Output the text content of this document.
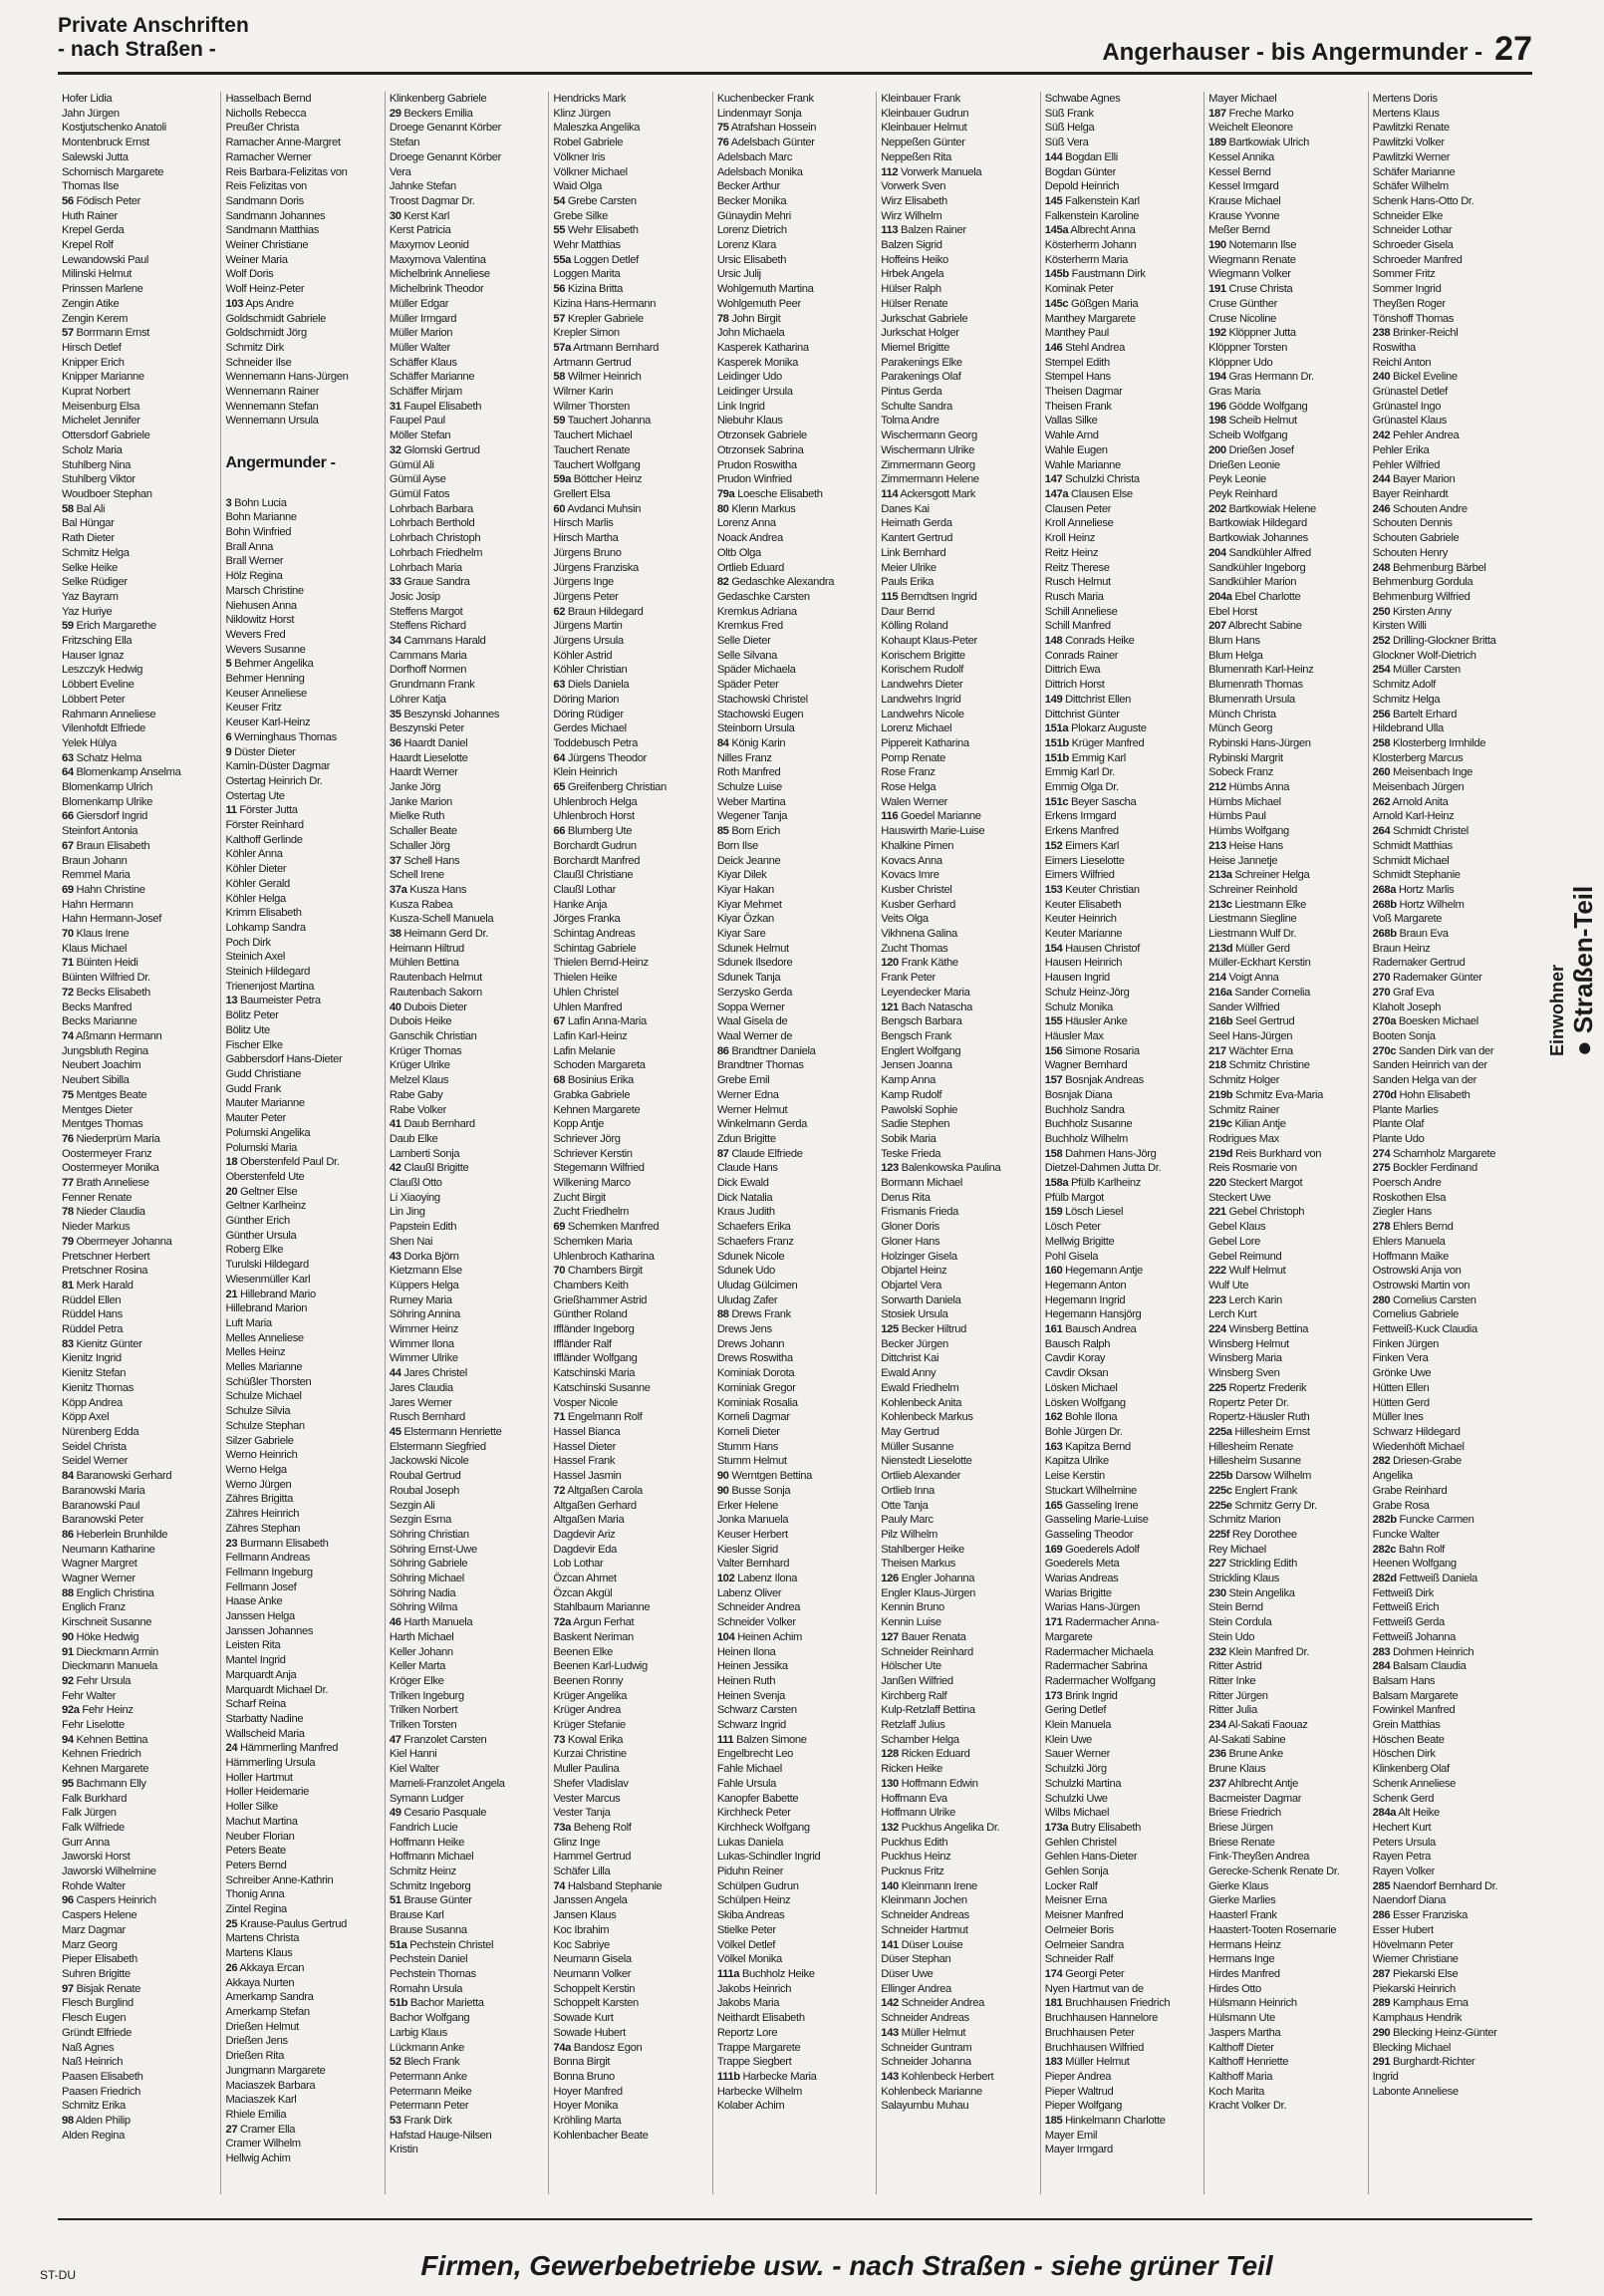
Private Anschriften
- nach Straßen -	Angerhauser - bis Angermunder - 27
Hofer Lidia
Jahn Jürgen
Kostjutschenko Anatoli
Montenbruck Ernst
Salewski Jutta
Schomisch Margarete
Thomas Ilse
56 Födisch Peter
Huth Rainer
Krepel Gerda
Krepel Rolf
Lewandowski Paul
Milinski Helmut
Prinssen Marlene
Zengin Atike
Zengin Kerem
57 Borrmann Ernst
Hirsch Detlef
Knipper Erich
Knipper Marianne
Kuprat Norbert
Meisenburg Elsa
Michelet Jennifer
Ottersdorf Gabriele
Scholz Maria
Stuhlberg Nina
Stuhlberg Viktor
Woudboer Stephan
58 Bal Ali
Bal Hüngar
Rath Dieter
Schmitz Helga
Selke Heike
Selke Rüdiger
Yaz Bayram
Yaz Huriye
59 Erich Margarethe
Fritzsching Ella
Hauser Ignaz
Leszczyk Hedwig
Löbbert Eveline
Löbbert Peter
Rahmann Anneliese
Vilenhofdt Elfriede
Yelek Hülya
63 Schatz Helma
64 Blomenkamp Anselma
Blomenkamp Ulrich
Blomenkamp Ulrike
66 Giersdorf Ingrid
Steinfort Antonia
67 Braun Elisabeth
Braun Johann
Remmel Maria
69 Hahn Christine
Hahn Hermann
Hahn Hermann-Josef
70 Klaus Irene
Klaus Michael
71 Büinten Heidi
Büinten Wilfried Dr.
72 Becks Elisabeth
Becks Manfred
Becks Marianne
74 Aßmann Hermann
Jungsbluth Regina
Neubert Joachim
Neubert Sibilla
75 Mentges Beate
Mentges Dieter
Mentges Thomas
76 Niederprüm Maria
Oostermeyer Franz
Oostermeyer Monika
77 Brath Anneliese
Fenner Renate
78 Nieder Claudia
Nieder Markus
79 Obermeyer Johanna
Pretschner Herbert
Pretschner Rosina
81 Merk Harald
Rüddel Ellen
Rüddel Hans
Rüddel Petra
83 Kienitz Günter
Kienitz Ingrid
Kienitz Stefan
Kienitz Thomas
Köpp Andrea
Köpp Axel
Nürenberg Edda
Seidel Christa
Seidel Werner
84 Baranowski Gerhard
Baranowski Maria
Baranowski Paul
Baranowski Peter
86 Heberlein Brunhilde
Neumann Katharine
Wagner Margret
Wagner Werner
88 Englich Christina
Englich Franz
Kirschneit Susanne
90 Höke Hedwig
91 Dieckmann Armin
Dieckmann Manuela
92 Fehr Ursula
Fehr Walter
92a Fehr Heinz
Fehr Liselotte
94 Kehnen Bettina
Kehnen Friedrich
Kehnen Margarete
95 Bachmann Elly
Falk Burkhard
Falk Jürgen
Falk Wilfriede
Gurr Anna
Jaworski Horst
Jaworski Wilhelmine
Rohde Walter
96 Caspers Heinrich
Caspers Helene
Marz Dagmar
Marz Georg
Pieper Elisabeth
Suhren Brigitte
97 Bisjak Renate
Flesch Burglind
Flesch Eugen
Gründt Elfriede
Naß Agnes
Naß Heinrich
Paasen Elisabeth
Paasen Friedrich
Schmitz Erika
98 Alden Philip
Alden Regina
Hasselbach Bernd
Nicholls Rebecca
Preußer Christa
Ramacher Anne-Margret
Ramacher Werner
Reis Barbara-Felizitas von
Reis Felizitas von
Sandmann Doris
Sandmann Johannes
Sandmann Matthias
Weiner Christiane
Weiner Maria
Wolf Doris
Wolf Heinz-Peter
103 Aps Andre
Goldschmidt Gabriele
Goldschmidt Jörg
Schmitz Dirk
Schneider Ilse
Wennemann Hans-Jürgen
Wennemann Rainer
Wennemann Stefan
Wennemann Ursula

Angermunder -

3 Bohn Lucia
Bohn Marianne
Bohn Winfried
Brall Anna
Brall Werner
Hölz Regina
Marsch Christine
Niehusen Anna
Niklowitz Horst
Wevers Fred
Wevers Susanne
5 Behmer Angelika
Behmer Henning
Keuser Anneliese
Keuser Fritz
Keuser Karl-Heinz
6 Werninghaus Thomas
9 Düster Dieter
Kamin-Düster Dagmar
Ostertag Heinrich Dr.
Ostertag Ute
11 Förster Jutta
Förster Reinhard
Kalthoff Gerlinde
Köhler Anna
Köhler Dieter
Köhler Gerald
Köhler Helga
Krimm Elisabeth
Lohkamp Sandra
Poch Dirk
Steinich Axel
Steinich Hildegard
Trienenjost Martina
13 Baumeister Petra
Bölitz Peter
Bölitz Ute
Fischer Elke
Gabbersdorf Hans-Dieter
Gudd Christiane
Gudd Frank
Mauter Marianne
Mauter Peter
Polumski Angelika
Polumski Maria
18 Oberstenfeld Paul Dr.
Oberstenfeld Ute
20 Geltner Else
Geltner Karlheinz
Günther Erich
Günther Ursula
Roberg Elke
Turulski Hildegard
Wiesenmüller Karl
21 Hillebrand Mario
Hillebrand Marion
Luft Maria
Melles Anneliese
Melles Heinz
Melles Marianne
Schüßler Thorsten
Schulze Michael
Schulze Silvia
Schulze Stephan
Silzer Gabriele
Werno Heinrich
Werno Helga
Werno Jürgen
Zähres Brigitta
Zähres Heinrich
Zähres Stephan
23 Burmann Elisabeth
Fellmann Andreas
Fellmann Ingeburg
Fellmann Josef
Haase Anke
Janssen Helga
Janssen Johannes
Leisten Rita
Mantel Ingrid
Marquardt Anja
Marquardt Michael Dr.
Scharf Reina
Starbatty Nadine
Wallscheid Maria
24 Hämmerling Manfred
Hämmerling Ursula
Holler Hartmut
Holler Heidemarie
Holler Silke
Machut Martina
Neuber Florian
Peters Beate
Peters Bernd
Schreiber Anne-Kathrin
Thonig Anna
Zintel Regina
25 Krause-Paulus Gertrud
Martens Christa
Martens Klaus
26 Akkaya Ercan
Akkaya Nurten
Amerkamp Sandra
Amerkamp Stefan
Drießen Helmut
Drießen Jens
Drießen Rita
Jungmann Margarete
Maciaszek Barbara
Maciaszek Karl
Rhiele Emilia
27 Cramer Ella
Cramer Wilhelm
Hellwig Achim
Klinkenberg Gabriele
29 Beckers Emilia
Droege Genannt Körber
Stefan
Droege Genannt Körber
Vera
Jahnke Stefan
Troost Dagmar Dr.
30 Kerst Karl
Kerst Patricia
Maxymov Leonid
Maxymova Valentina
Michelbrink Anneliese
Michelbrink Theodor
Müller Edgar
Müller Irmgard
Müller Marion
Müller Walter
Schäffer Klaus
Schäffer Marianne
Schäffer Mirjam
31 Faupel Elisabeth
Faupel Paul
Möller Stefan
32 Glomski Gertrud
Gümül Ali
Gümül Ayse
Gümül Fatos
Lohrbach Barbara
Lohrbach Berthold
Lohrbach Christoph
Lohrbach Friedhelm
Lohrbach Maria
33 Graue Sandra
Josic Josip
Steffens Margot
Steffens Richard
34 Cammans Harald
Cammans Maria
Dorfhoff Normen
Grundmann Frank
Löhrer Katja
35 Beszynski Johannes
Beszynski Peter
36 Haardt Daniel
Haardt Lieselotte
Haardt Werner
Janke Jörg
Janke Marion
Mielke Ruth
Schaller Beate
Schaller Jörg
37 Schell Hans
Schell Irene
37a Kusza Hans
Kusza Rabea
Kusza-Schell Manuela
38 Heimann Gerd Dr.
Heimann Hiltrud
Mühlen Bettina
Rautenbach Helmut
Rautenbach Sakorn
40 Dubois Dieter
Dubois Heike
Ganschik Christian
Krüger Thomas
Krüger Ulrike
Melzel Klaus
Rabe Gaby
Rabe Volker
41 Daub Bernhard
Daub Elke
Lamberti Sonja
42 Claußl Brigitte
Claußl Otto
Li Xiaoying
Lin Jing
Papstein Edith
Shen Nai
43 Dorka Björn
Kietzmann Else
Küppers Helga
Rumey Maria
Söhring Annina
Wimmer Heinz
Wimmer Ilona
Wimmer Ulrike
44 Jares Christel
Jares Claudia
Jares Werner
Rusch Bernhard
45 Elstermann Henriette
Elstermann Siegfried
Jackowski Nicole
Roubal Gertrud
Roubal Joseph
Sezgin Ali
Sezgin Esma
Söhring Christian
Söhring Ernst-Uwe
Söhring Gabriele
Söhring Michael
Söhring Nadia
Söhring Wilma
46 Harth Manuela
Harth Michael
Keller Johann
Keller Marta
Kröger Elke
Trilken Ingeburg
Trilken Norbert
Trilken Torsten
47 Franzolet Carsten
Kiel Hanni
Kiel Walter
Mameli-Franzolet Angela
Symann Ludger
49 Cesario Pasquale
Fandrich Lucie
Hoffmann Heike
Hoffmann Michael
Schmitz Heinz
Schmitz Ingeborg
51 Brause Günter
Brause Karl
Brause Susanna
51a Pechstein Christel
Pechstein Daniel
Pechstein Thomas
Romahn Ursula
51b Bachor Marietta
Bachor Wolfgang
Larbig Klaus
Lückmann Anke
52 Blech Frank
Petermann Anke
Petermann Meike
Petermann Peter
53 Frank Dirk
Hafstad Hauge-Nilsen
Kristin
Hendricks Mark
Klinz Jürgen
Maleszka Angelika
Robel Gabriele
Völkner Iris
Völkner Michael
Waid Olga
54 Grebe Carsten
Grebe Silke
55 Wehr Elisabeth
Wehr Matthias
55a Loggen Detlef
Loggen Marita
56 Kizina Britta
Kizina Hans-Hermann
57 Krepler Gabriele
Krepler Simon
57a Artmann Bernhard
Artmann Gertrud
58 Wilmer Heinrich
Wilmer Karin
Wilmer Thorsten
59 Tauchert Johanna
Tauchert Michael
Tauchert Renate
Tauchert Wolfgang
59a Böttcher Heinz
Grellert Elsa
60 Avdanci Muhsin
Hirsch Marlis
Hirsch Martha
Jürgens Bruno
Jürgens Franziska
Jürgens Inge
Jürgens Peter
62 Braun Hildegard
Jürgens Martin
Jürgens Ursula
Köhler Astrid
Köhler Christian
63 Diels Daniela
Döring Marion
Döring Rüdiger
Gerdes Michael
Toddebusch Petra
64 Jürgens Theodor
Klein Heinrich
65 Greifenberg Christian
Uhlenbroch Helga
Uhlenbroch Horst
66 Blumberg Ute
Borchardt Gudrun
Borchardt Manfred
Claußl Christiane
Claußl Lothar
Hanke Anja
Jörges Franka
Schintag Andreas
Schintag Gabriele
Thielen Bernd-Heinz
Thielen Heike
Uhlen Christel
Uhlen Manfred
67 Lafin Anna-Maria
Lafin Karl-Heinz
Lafin Melanie
Schoden Margareta
68 Bosinius Erika
Grabka Gabriele
Kehnen Margarete
Kopp Antje
Schriever Jörg
Schriever Kerstin
Stegemann Wilfried
Wilkening Marco
Zucht Birgit
Zucht Friedhelm
69 Schemken Manfred
Schemken Maria
Uhlenbroch Katharina
70 Chambers Birgit
Chambers Keith
Grießhammer Astrid
Günther Roland
Iffländer Ingeborg
Iffländer Ralf
Iffländer Wolfgang
Katschinski Maria
Katschinski Susanne
Vosper Nicole
71 Engelmann Rolf
Hassel Bianca
Hassel Dieter
Hassel Frank
Hassel Jasmin
72 Altgaßen Carola
Altgaßen Gerhard
Altgaßen Maria
Dagdevir Ariz
Dagdevir Eda
Lob Lothar
Özcan Ahmet
Özcan Akgül
Stahlbaum Marianne
72a Argun Ferhat
Baskent Neriman
Beenen Elke
Beenen Karl-Ludwig
Beenen Ronny
Krüger Angelika
Krüger Andrea
Krüger Stefanie
73 Kowal Erika
Kurzai Christine
Muller Paulina
Shefer Vladislav
Vester Marcus
Vester Tanja
73a Beheng Rolf
Glinz Inge
Hammel Gertrud
Schäfer Lilla
74 Halsband Stephanie
Janssen Angela
Jansen Klaus
Koc Ibrahim
Koc Sabriye
Neumann Gisela
Neumann Volker
Schoppelt Kerstin
Schoppelt Karsten
Sowade Kurt
Sowade Hubert
74a Bandosz Egon
Bonna Birgit
Bonna Bruno
Hoyer Manfred
Hoyer Monika
Kröhling Marta
Kohlenbacher Beate
Kuchenbecker Frank
Lindenmayr Sonja
75 Atrafshan Hossein
76 Adelsbach Günter
Adelsbach Marc
Adelsbach Monika
Becker Arthur
Becker Monika
Günaydin Mehri
Lorenz Dietrich
Lorenz Klara
Ursic Elisabeth
Ursic Julij
Wohlgemuth Martina
Wohlgemuth Peer
78 John Birgit
John Michaela
Kasperek Katharina
Kasperek Monika
Leidinger Udo
Leidinger Ursula
Link Ingrid
Niebuhr Klaus
Otrzonsek Gabriele
Otrzonsek Sabrina
Prudon Roswitha
Prudon Winfried
79a Loesche Elisabeth
80 Klenn Markus
Lorenz Anna
Noack Andrea
Oltb Olga
Ortlieb Eduard
82 Gedaschke Alexandra
Gedaschke Carsten
Kremkus Adriana
Kremkus Fred
Selle Dieter
Selle Silvana
Späder Michaela
Späder Peter
Stachowski Christel
Stachowski Eugen
Steinborn Ursula
84 König Karin
Nilles Franz
Roth Manfred
Schulze Luise
Weber Martina
Wegener Tanja
85 Born Erich
Born Ilse
Deick Jeanne
Kiyar Dilek
Kiyar Hakan
Kiyar Mehmet
Kiyar Özkan
Kiyar Sare
Sdunek Helmut
Sdunek Ilsedore
Sdunek Tanja
Serzysko Gerda
Soppa Werner
Waal Gisela de
Waal Werner de
86 Brandtner Daniela
Brandtner Thomas
Grebe Emil
Werner Edna
Werner Helmut
Winkelmann Gerda
Zdun Brigitte
87 Claude Elfriede
Claude Hans
Dick Ewald
Dick Natalia
Kraus Judith
Schaefers Erika
Schaefers Franz
Sdunek Nicole
Sdunek Udo
Uludag Gülcimen
Uludag Zafer
88 Drews Frank
Drews Jens
Drews Johann
Drews Roswitha
Kominiak Dorota
Kominiak Gregor
Kominiak Rosalia
Korneli Dagmar
Korneli Dieter
Stumm Hans
Stumm Helmut
90 Werntgen Bettina
90 Busse Sonja
Erker Helene
Jonka Manuela
Keuser Herbert
Kiesler Sigrid
Valter Bernhard
102 Labenz Ilona
Labenz Oliver
Schneider Andrea
Schneider Volker
104 Heinen Achim
Heinen Ilona
Heinen Jessika
Heinen Ruth
Heinen Svenja
Schwarz Carsten
Schwarz Ingrid
111 Balzen Simone
Engelbrecht Leo
Fahle Michael
Fahle Ursula
Kanopfer Babette
Kirchheck Peter
Kirchheck Wolfgang
Lukas Daniela
Lukas-Schindler Ingrid
Piduhn Reiner
Schülpen Gudrun
Schülpen Heinz
Skiba Andreas
Stielke Peter
Völkel Detlef
Völkel Monika
111a Buchholz Heike
Jakobs Heinrich
Jakobs Maria
Neithardt Elisabeth
Reportz Lore
Trappe Margarete
Trappe Siegbert
111b Harbecke Maria
Harbecke Wilhelm
Kolaber Achim
Kleinbauer Frank
Kleinbauer Gudrun
Kleinbauer Helmut
Neppeßen Günter
Neppeßen Rita
112 Vorwerk Manuela
Vorwerk Sven
Wirz Elisabeth
Wirz Wilhelm
113 Balzen Rainer
Balzen Sigrid
Hoffeins Heiko
Hrbek Angela
Hülser Ralph
Hülser Renate
Jurkschat Gabriele
Jurkschat Holger
Miemel Brigitte
Parakenings Elke
Parakenings Olaf
Pintus Gerda
Schulte Sandra
Tolma Andre
Wischermann Georg
Wischermann Ulrike
Zimmermann Georg
Zimmermann Helene
114 Ackersgott Mark
Danes Kai
Heimath Gerda
Kantert Gertrud
Link Bernhard
Meier Ulrike
Pauls Erika
115 Berndtsen Ingrid
Daur Bernd
Kölling Roland
Kohaupt Klaus-Peter
Korischem Brigitte
Korischem Rudolf
Landwehrs Dieter
Landwehrs Ingrid
Landwehrs Nicole
Lorenz Michael
Pippereit Katharina
Pomp Renate
Rose Franz
Rose Helga
Walen Werner
116 Goedel Marianne
Hauswirth Marie-Luise
Khalkine Pimen
Kovacs Anna
Kovacs Imre
Kusber Christel
Kusber Gerhard
Veits Olga
Vikhnena Galina
Zucht Thomas
120 Frank Käthe
Frank Peter
Leyendecker Maria
121 Bach Natascha
Bengsch Barbara
Bengsch Frank
Englert Wolfgang
Jensen Joanna
Kamp Anna
Kamp Rudolf
Pawolski Sophie
Sadie Stephen
Sobik Maria
Teske Frieda
123 Balenkowska Paulina
Bormann Michael
Derus Rita
Frismanis Frieda
Gloner Doris
Gloner Hans
Holzinger Gisela
Objartel Heinz
Objartel Vera
Sorwarth Daniela
Stosiek Ursula
125 Becker Hiltrud
Becker Jürgen
Dittchrist Kai
Ewald Anny
Ewald Friedhelm
Kohlenbeck Anita
Kohlenbeck Markus
May Gertrud
Müller Susanne
Nienstedt Lieselotte
Ortlieb Alexander
Ortlieb Inna
Otte Tanja
Pauly Marc
Pilz Wilhelm
Stahlberger Heike
Theisen Markus
126 Engler Johanna
Engler Klaus-Jürgen
Kennin Bruno
Kennin Luise
127 Bauer Renata
Schneider Reinhard
Hölscher Ute
Janßen Wilfried
Kirchberg Ralf
Kulp-Retzlaff Bettina
Retzlaff Julius
Schamber Helga
128 Ricken Eduard
Ricken Heike
130 Hoffmann Edwin
Hoffmann Eva
Hoffmann Ulrike
132 Puckhus Angelika Dr.
Puckhus Edith
Puckhus Heinz
Pucknus Fritz
140 Kleinmann Irene
Kleinmann Jochen
Schneider Andreas
Schneider Hartmut
141 Düser Louise
Düser Stephan
Düser Uwe
Ellinger Andrea
142 Schneider Andrea
Schneider Andreas
143 Müller Helmut
Schneider Guntram
Schneider Johanna
143 Kohlenbeck Herbert
Kohlenbeck Marianne
Salayumbu Muhau
Schwabe Agnes
Süß Frank
Süß Helga
Süß Vera
144 Bogdan Elli
Bogdan Günter
Depold Heinrich
145 Falkenstein Karl
Falkenstein Karoline
145a Albrecht Anna
Kösterherm Johann
Kösterherm Maria
145b Faustmann Dirk
Kominak Peter
145c Gößgen Maria
Manthey Margarete
Manthey Paul
146 Stehl Andrea
Stempel Edith
Stempel Hans
Theisen Dagmar
Theisen Frank
Vallas Silke
Wahle Arnd
Wahle Eugen
Wahle Marianne
147 Schulzki Christa
147a Clausen Else
Clausen Peter
Kroll Anneliese
Kroll Heinz
Reitz Heinz
Reitz Therese
Rusch Helmut
Rusch Maria
Schill Anneliese
Schill Manfred
148 Conrads Heike
Conrads Rainer
Dittrich Ewa
Dittrich Horst
149 Dittchrist Ellen
Dittchrist Günter
151a Plokarz Auguste
151b Krüger Manfred
151b Emmig Karl
Emmig Karl Dr.
Emmig Olga Dr.
151c Beyer Sascha
Erkens Irmgard
Erkens Manfred
152 Eimers Karl
Eimers Lieselotte
Eimers Wilfried
153 Keuter Christian
Keuter Elisabeth
Keuter Heinrich
Keuter Marianne
154 Hausen Christof
Hausen Heinrich
Hausen Ingrid
Schulz Heinz-Jörg
Schulz Monika
155 Häusler Anke
Häusler Max
156 Simone Rosaria
Wagner Bernhard
157 Bosnjak Andreas
Bosnjak Diana
Buchholz Sandra
Buchholz Susanne
Buchholz Wilhelm
158 Dahmen Hans-Jörg
Dietzel-Dahmen Jutta Dr.
158a Pfülb Karlheinz
Pfülb Margot
159 Lösch Liesel
Lösch Peter
Mellwig Brigitte
Pohl Gisela
160 Hegemann Antje
Hegemann Anton
Hegemann Ingrid
Hegemann Hansjörg
161 Bausch Andrea
Bausch Ralph
Cavdir Koray
Cavdir Oksan
Lösken Michael
Lösken Wolfgang
162 Bohle Ilona
Bohle Jürgen Dr.
163 Kapitza Bernd
Kapitza Ulrike
Leise Kerstin
Stuckart Wilhelmine
165 Gasseling Irene
Gasseling Marie-Luise
Gasseling Theodor
169 Goederels Adolf
Goederels Meta
Warias Andreas
Warias Brigitte
Warias Hans-Jürgen
171 Radermacher Anna-
Margarete
Radermacher Michaela
Radermacher Sabrina
Radermacher Wolfgang
173 Brink Ingrid
Gering Detlef
Klein Manuela
Klein Uwe
Sauer Werner
Schulzki Jörg
Schulzki Martina
Schulzki Uwe
Wilbs Michael
173a Butry Elisabeth
Gehlen Christel
Gehlen Hans-Dieter
Gehlen Sonja
Locker Ralf
Meisner Erna
Meisner Manfred
Oelmeier Boris
Oelmeier Sandra
Schneider Ralf
174 Georgi Peter
Nyen Hartmut van de
181 Bruchhausen Friedrich
Bruchhausen Hannelore
Bruchhausen Peter
Bruchhausen Wilfried
183 Müller Helmut
Pieper Andrea
Pieper Waltrud
Pieper Wolfgang
185 Hinkelmann Charlotte
Mayer Emil
Mayer Irmgard
Mayer Michael
187 Freche Marko
Weichelt Eleonore
189 Bartkowiak Ulrich
Kessel Annika
Kessel Bernd
Kessel Irmgard
Krause Michael
Krause Yvonne
Meßer Bernd
190 Notemann Ilse
Wiegmann Renate
Wiegmann Volker
191 Cruse Christa
Cruse Günther
Cruse Nicoline
192 Klöppner Jutta
Klöppner Torsten
Klöppner Udo
194 Gras Hermann Dr.
Gras Maria
196 Gödde Wolfgang
198 Scheib Helmut
Scheib Wolfgang
200 Drießen Josef
Drießen Leonie
Peyk Leonie
Peyk Reinhard
202 Bartkowiak Helene
Bartkowiak Hildegard
Bartkowiak Johannes
204 Sandkühler Alfred
Sandkühler Ingeborg
Sandkühler Marion
204a Ebel Charlotte
Ebel Horst
207 Albrecht Sabine
Blum Hans
Blum Helga
Blumenrath Karl-Heinz
Blumenrath Thomas
Blumenrath Ursula
Münch Christa
Münch Georg
Rybinski Hans-Jürgen
Rybinski Margrit
Sobeck Franz
212 Hümbs Anna
Hümbs Michael
Hümbs Paul
Hümbs Wolfgang
213 Heise Hans
Heise Jannetje
213a Schreiner Helga
Schreiner Reinhold
213c Liestmann Elke
Liestmann Siegline
Liestmann Wulf Dr.
213d Müller Gerd
Müller-Eckhart Kerstin
214 Voigt Anna
216a Sander Cornelia
Sander Wilfried
216b Seel Gertrud
Seel Hans-Jürgen
217 Wächter Erna
218 Schmitz Christine
Schmitz Holger
219b Schmitz Eva-Maria
Schmitz Rainer
219c Kilian Antje
Rodrigues Max
219d Reis Burkhard von
Reis Rosmarie von
220 Steckert Margot
Steckert Uwe
221 Gebel Christoph
Gebel Klaus
Gebel Lore
Gebel Reimund
222 Wulf Helmut
Wulf Ute
223 Lerch Karin
Lerch Kurt
224 Winsberg Bettina
Winsberg Helmut
Winsberg Maria
Winsberg Sven
225 Ropertz Frederik
Ropertz Peter Dr.
Ropertz-Häusler Ruth
225a Hillesheim Ernst
Hillesheim Renate
Hillesheim Susanne
225b Darsow Wilhelm
225c Englert Frank
225e Schmitz Gerry Dr.
Schmitz Marion
225f Rey Dorothee
Rey Michael
227 Strickling Edith
Strickling Klaus
230 Stein Angelika
Stein Bernd
Stein Cordula
Stein Udo
232 Klein Manfred Dr.
Ritter Astrid
Ritter Inke
Ritter Jürgen
Ritter Julia
234 Al-Sakati Faouaz
Al-Sakati Sabine
236 Brune Anke
Brune Klaus
237 Ahlbrecht Antje
Bacmeister Dagmar
Briese Friedrich
Briese Jürgen
Briese Renate
Fink-Theyßen Andrea
Gerecke-Schenk Renate Dr.
Gierke Klaus
Gierke Marlies
Haasterl Frank
Haastert-Tooten Rosemarie
Hermans Heinz
Hermans Inge
Hirdes Manfred
Hirdes Otto
Hülsmann Heinrich
Hülsmann Ute
Jaspers Martha
Kalthoff Dieter
Kalthoff Henriette
Kalthoff Maria
Koch Marita
Kracht Volker Dr.
Mertens Doris
Mertens Klaus
Pawlitzki Renate
Pawlitzki Volker
Pawlitzki Werner
Schäfer Marianne
Schäfer Wilhelm
Schenk Hans-Otto Dr.
Schneider Elke
Schneider Lothar
Schroeder Gisela
Schroeder Manfred
Sommer Fritz
Sommer Ingrid
Theyßen Roger
Tönshoff Thomas
238 Brinker-Reichl
Roswitha
Reichl Anton
240 Bickel Eveline
Grünastel Detlef
Grünastel Ingo
Grünastel Klaus
242 Pehler Andrea
Pehler Erika
Pehler Wilfried
244 Bayer Marion
Bayer Reinhardt
246 Schouten Andre
Schouten Dennis
Schouten Gabriele
Schouten Henry
248 Behmenburg Bärbel
Behmenburg Gordula
Behmenburg Wilfried
250 Kirsten Anny
Kirsten Willi
252 Drilling-Glockner Britta
Glockner Wolf-Dietrich
254 Müller Carsten
Schmitz Adolf
Schmitz Helga
256 Bartelt Erhard
Hildebrand Ulla
258 Klosterberg Irmhilde
Klosterberg Marcus
260 Meisenbach Inge
Meisenbach Jürgen
262 Arnold Anita
Arnold Karl-Heinz
264 Schmidt Christel
Schmidt Matthias
Schmidt Michael
Schmidt Stephanie
268a Hortz Marlis
268b Hortz Wilhelm
Voß Margarete
268b Braun Eva
Braun Heinz
Rademaker Gertrud
270 Rademaker Günter
270 Graf Eva
Klaholt Joseph
270a Boesken Michael
Booten Sonja
270c Sanden Dirk van der
Sanden Heinrich van der
Sanden Helga van der
270d Hohn Elisabeth
Plante Marlies
Plante Olaf
Plante Udo
274 Scharnholz Margarete
275 Bockler Ferdinand
Poersch Andre
Roskothen Elsa
Ziegler Hans
278 Ehlers Bernd
Ehlers Manuela
Hoffmann Maike
Ostrowski Anja von
Ostrowski Martin von
280 Cornelius Carsten
Cornelius Gabriele
Fettweiß-Kuck Claudia
Finken Jürgen
Finken Vera
Grönke Uwe
Hütten Ellen
Hütten Gerd
Müller Ines
Schwarz Hildegard
Wiedenhöft Michael
282 Driesen-Grabe
Angelika
Grabe Reinhard
Grabe Rosa
282b Funcke Carmen
Funcke Walter
282c Bahn Rolf
Heenen Wolfgang
282d Fettweiß Daniela
Fettweiß Dirk
Fettweiß Erich
Fettweiß Gerda
Fettweiß Johanna
283 Dohmen Heinrich
284 Balsam Claudia
Balsam Hans
Balsam Margarete
Fowinkel Manfred
Grein Matthias
Höschen Beate
Höschen Dirk
Klinkenberg Olaf
Schenk Anneliese
Schenk Gerd
284a Alt Heike
Hechert Kurt
Peters Ursula
Rayen Petra
Rayen Volker
285 Naendorf Bernhard Dr.
Naendorf Diana
286 Esser Franziska
Esser Hubert
Hövelmann Peter
Wiemer Christiane
287 Piekarski Else
Piekarski Heinrich
289 Kamphaus Erna
Kamphaus Hendrik
290 Blecking Heinz-Günter
Blecking Michael
291 Burghardt-Richter
Ingrid
Labonte Anneliese
Einwohner ● Straßen-Teil
ST-DU	Firmen, Gewerbebetriebe usw. - nach Straßen - siehe grüner Teil
